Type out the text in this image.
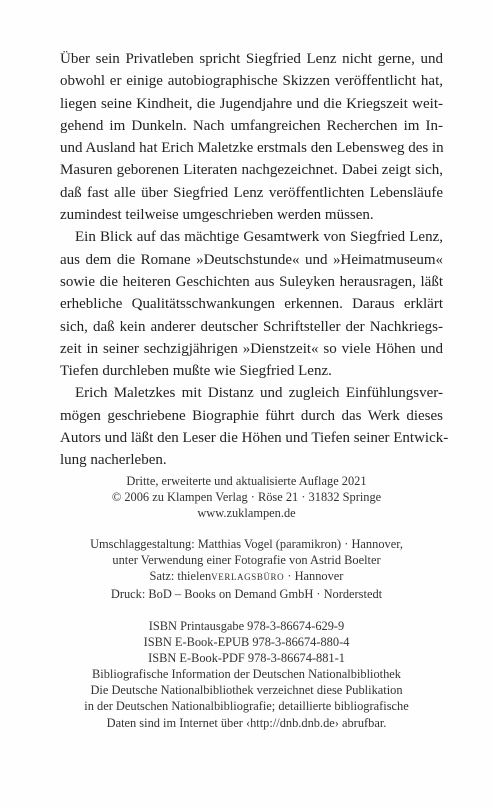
Über sein Privatleben spricht Siegfried Lenz nicht gerne, und
obwohl er einige autobiographische Skizzen veröffentlicht hat,
liegen seine Kindheit, die Jugendjahre und die Kriegszeit weit-
gehend im Dunkeln. Nach umfangreichen Recherchen im In-
und Ausland hat Erich Maletzke erstmals den Lebensweg des in
Masuren geborenen Literaten nachgezeichnet. Dabei zeigt sich,
daß fast alle über Siegfried Lenz veröffentlichten Lebensläufe
zumindest teilweise umgeschrieben werden müssen.
Ein Blick auf das mächtige Gesamtwerk von Siegfried Lenz,
aus dem die Romane »Deutschstunde« und »Heimatmuseum«
sowie die heiteren Geschichten aus Suleyken herausragen, läßt
erhebliche Qualitätsschwankungen erkennen. Daraus erklärt
sich, daß kein anderer deutscher Schriftsteller der Nachkriegs-
zeit in seiner sechzigjährigen »Dienstzeit« so viele Höhen und
Tiefen durchleben mußte wie Siegfried Lenz.
Erich Maletzkes mit Distanz und zugleich Einfühlungsver-
mögen geschriebene Biographie führt durch das Werk dieses
Autors und läßt den Leser die Höhen und Tiefen seiner Entwick-
lung nacherleben.
Dritte, erweiterte und aktualisierte Auflage 2021
© 2006 zu Klampen Verlag · Röse 21 · 31832 Springe
www.zuklampen.de
Umschlaggestaltung: Matthias Vogel (paramikron) · Hannover,
unter Verwendung einer Fotografie von Astrid Boelter
Satz: thielenVERLAGSBÜRO · Hannover
Druck: BoD – Books on Demand GmbH · Norderstedt
ISBN Printausgabe 978-3-86674-629-9
ISBN E-Book-EPUB 978-3-86674-880-4
ISBN E-Book-PDF 978-3-86674-881-1
Bibliografische Information der Deutschen Nationalbibliothek
Die Deutsche Nationalbibliothek verzeichnet diese Publikation
in der Deutschen Nationalbibliografie; detaillierte bibliografische
Daten sind im Internet über ‹http://dnb.dnb.de› abrufbar.
